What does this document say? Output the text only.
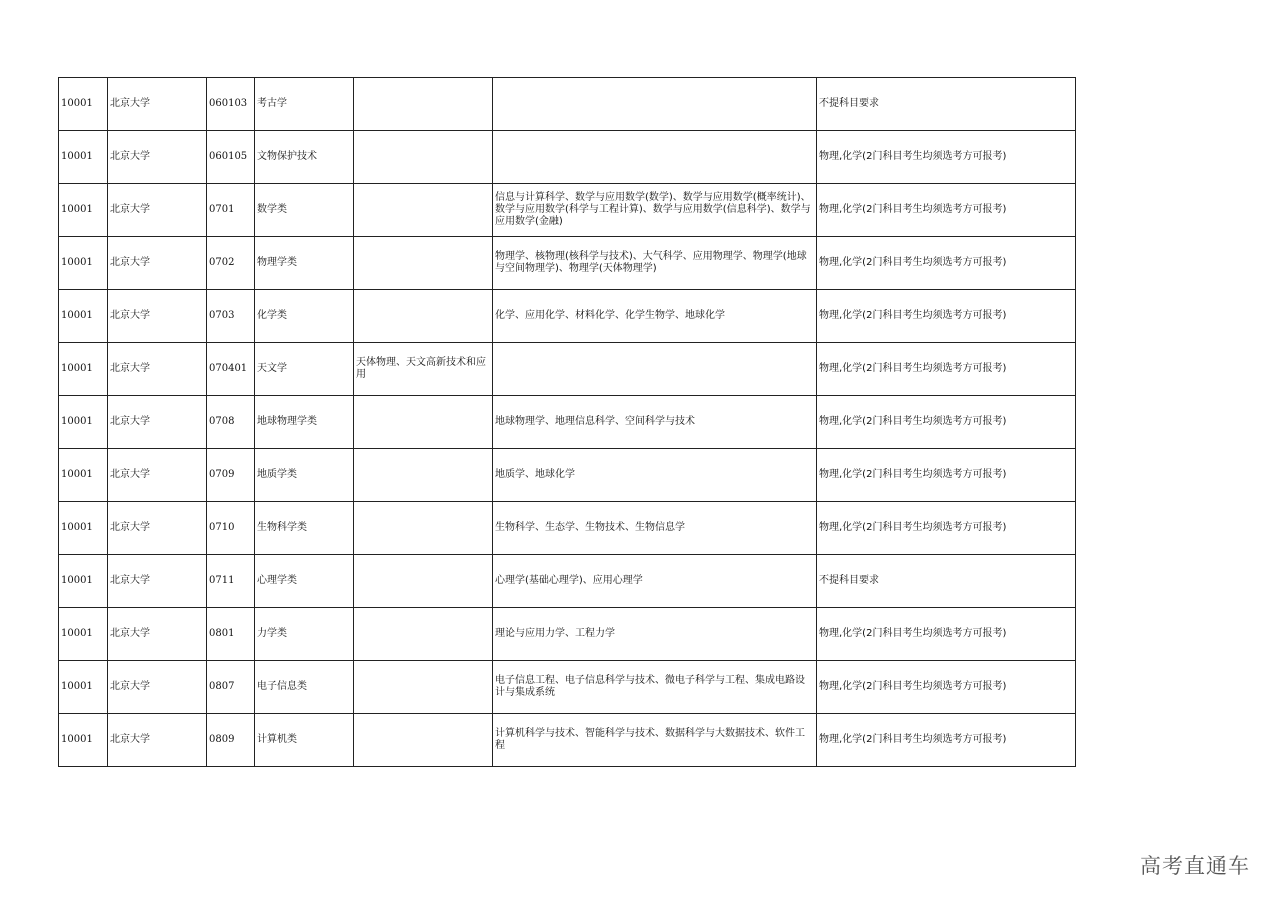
10001	北京大学	060103	考古学			不提科目要求
10001	北京大学	060105	文物保护技术			物理,化学(2门科目考生均须选考方可报考)
10001	北京大学	0701	数学类		信息与计算科学、数学与应用数学(数学)、数学与应用数学(概率统计)、数学与应用数学(科学与工程计算)、数学与应用数学(信息科学)、数学与应用数学(金融)	物理,化学(2门科目考生均须选考方可报考)
10001	北京大学	0702	物理学类		物理学、核物理(核科学与技术)、大气科学、应用物理学、物理学(地球与空间物理学)、物理学(天体物理学)	物理,化学(2门科目考生均须选考方可报考)
10001	北京大学	0703	化学类		化学、应用化学、材料化学、化学生物学、地球化学	物理,化学(2门科目考生均须选考方可报考)
10001	北京大学	070401	天文学	天体物理、天文高新技术和应用		物理,化学(2门科目考生均须选考方可报考)
10001	北京大学	0708	地球物理学类		地球物理学、地理信息科学、空间科学与技术	物理,化学(2门科目考生均须选考方可报考)
10001	北京大学	0709	地质学类		地质学、地球化学	物理,化学(2门科目考生均须选考方可报考)
10001	北京大学	0710	生物科学类		生物科学、生态学、生物技术、生物信息学	物理,化学(2门科目考生均须选考方可报考)
10001	北京大学	0711	心理学类		心理学(基础心理学)、应用心理学	不提科目要求
10001	北京大学	0801	力学类		理论与应用力学、工程力学	物理,化学(2门科目考生均须选考方可报考)
10001	北京大学	0807	电子信息类		电子信息工程、电子信息科学与技术、微电子科学与工程、集成电路设计与集成系统	物理,化学(2门科目考生均须选考方可报考)
10001	北京大学	0809	计算机类		计算机科学与技术、智能科学与技术、数据科学与大数据技术、软件工程	物理,化学(2门科目考生均须选考方可报考)
高考直通车
